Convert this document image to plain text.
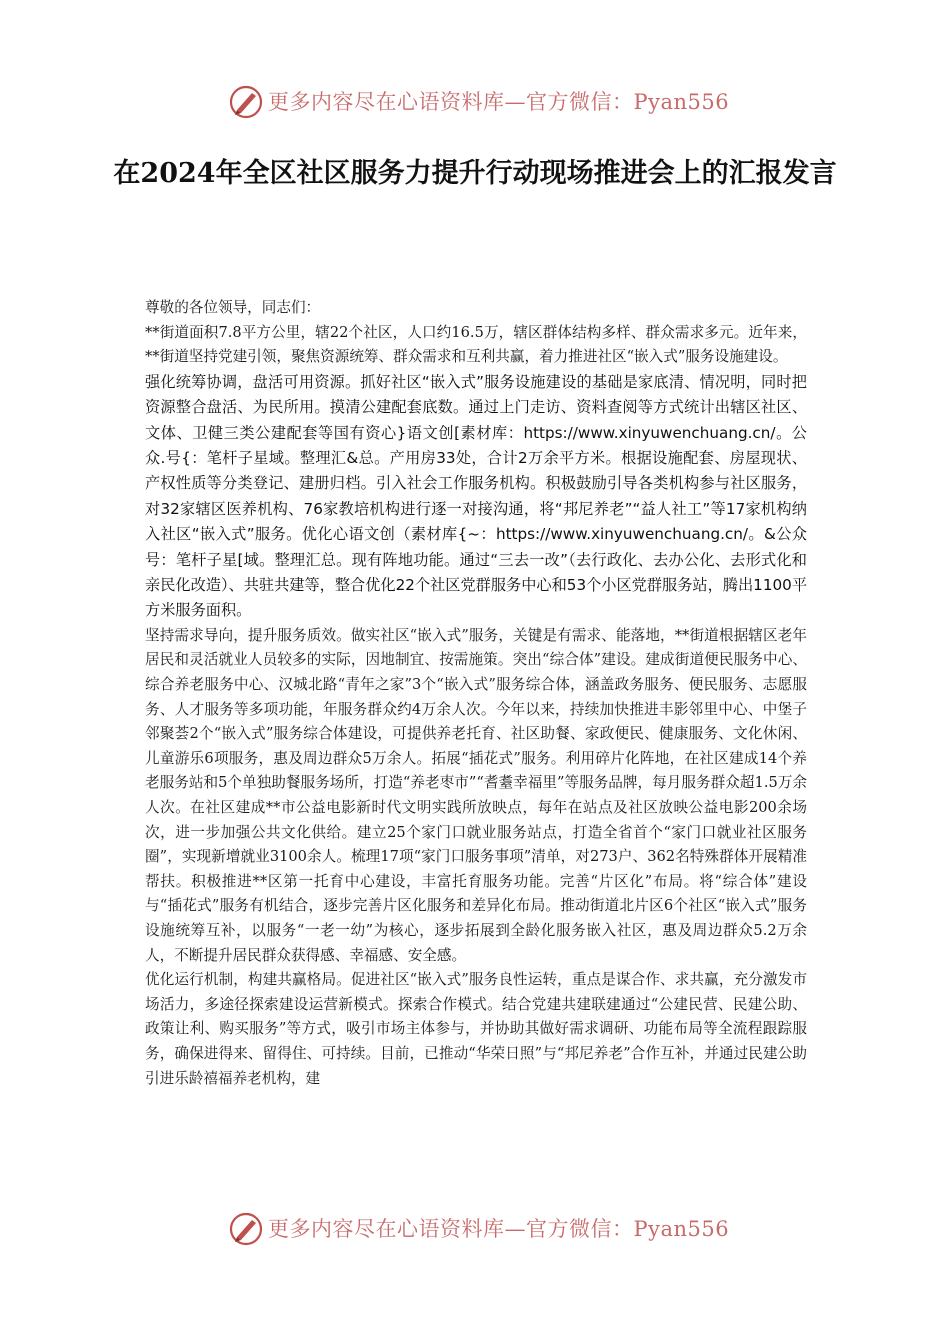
更多内容尽在心语资料库—官方微信：Pyan556
在2024年全区社区服务力提升行动现场推进会上的汇报发言

尊敬的各位领导，同志们：

**街道面积7.8平方公里，辖22个社区，人口约16.5万，辖区群体结构多样、群众需求多元。近年来，**街道坚持党建引领，聚焦资源统筹、群众需求和互利共赢，着力推进社区“嵌入式”服务设施建设。

强化统筹协调，盘活可用资源。抓好社区“嵌入式”服务设施建设的基础是家底清、情况明，同时把资源整合盘活、为民所用。摸清公建配套底数。通过上门走访、资料查阅等方式统计出辖区社区、文体、卫健三类公建配套等国有资心}语文创[素材库：https://www.xinyuwenchuang.cn/。公众.号{：笔杆子星域。整理汇&总。产用房33处，合计2万余平方米。根据设施配套、房屋现状、产权性质等分类登记、建册归档。引入社会工作服务机构。积极鼓励引导各类机构参与社区服务，对32家辖区医养机构、76家教培机构进行逐一对接沟通，将“邦尼养老”“益人社工”等17家机构纳入社区“嵌入式”服务。优化心语文创（素材库{~：https://www.xinyuwenchuang.cn/。&公众号：笔杆子星[域。整理汇总。现有阵地功能。通过“三去一改”（去行政化、去办公化、去形式化和亲民化改造）、共驻共建等，整合优化22个社区党群服务中心和53个小区党群服务站，腾出1100平方米服务面积。

坚持需求导向，提升服务质效。做实社区“嵌入式”服务，关键是有需求、能落地，**街道根据辖区老年居民和灵活就业人员较多的实际，因地制宜、按需施策。突出“综合体”建设。建成街道便民服务中心、综合养老服务中心、汉城北路“青年之家”3个“嵌入式”服务综合体，涵盖政务服务、便民服务、志愿服务、人才服务等多项功能，年服务群众约4万余人次。今年以来，持续加快推进丰影邻里中心、中堡子邻聚荟2个“嵌入式”服务综合体建设，可提供养老托育、社区助餐、家政便民、健康服务、文化休闲、儿童游乐6项服务，惠及周边群众5万余人。拓展“插花式”服务。利用碎片化阵地，在社区建成14个养老服务站和5个单独助餐服务场所，打造“养老枣市”“耆耋幸福里”等服务品牌，每月服务群众超1.5万余人次。在社区建成**市公益电影新时代文明实践所放映点，每年在站点及社区放映公益电影200余场次，进一步加强公共文化供给。建立25个家门口就业服务站点，打造全省首个“家门口就业社区服务圈”，实现新增就业3100余人。梳理17项“家门口服务事项”清单，对273户、362名特殊群体开展精准帮扶。积极推进**区第一托育中心建设，丰富托育服务功能。完善“片区化”布局。将“综合体”建设与“插花式”服务有机结合，逐步完善片区化服务和差异化布局。推动街道北片区6个社区“嵌入式”服务设施统筹互补，以服务“一老一幼”为核心，逐步拓展到全龄化服务嵌入社区，惠及周边群众5.2万余人，不断提升居民群众获得感、幸福感、安全感。

优化运行机制，构建共赢格局。促进社区“嵌入式”服务良性运转，重点是谋合作、求共赢，充分激发市场活力，多途径探索建设运营新模式。探索合作模式。结合党建共建联建通过“公建民营、民建公助、政策让利、购买服务”等方式，吸引市场主体参与，并协助其做好需求调研、功能布局等全流程跟踪服务，确保进得来、留得住、可持续。目前，已推动“华荣日照”与“邦尼养老”合作互补，并通过民建公助引进乐龄禧福养老机构，建

更多内容尽在心语资料库—官方微信：Pyan556
